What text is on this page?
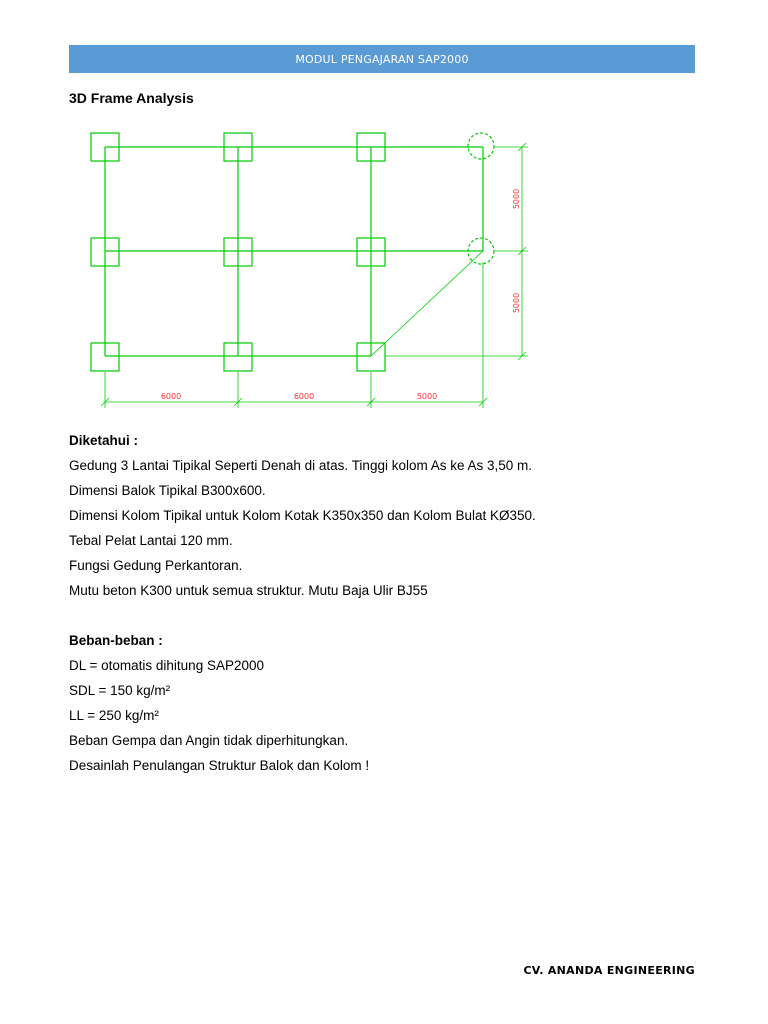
MODUL PENGAJARAN SAP2000
3D Frame Analysis
6000	6000	5000
5000
5000
Diketahui :
Gedung 3 Lantai Tipikal Seperti Denah di atas. Tinggi kolom As ke As 3,50 m.
Dimensi Balok Tipikal B300x600.
Dimensi Kolom Tipikal untuk Kolom Kotak K350x350 dan Kolom Bulat KØ350.
Tebal Pelat Lantai 120 mm.
Fungsi Gedung Perkantoran.
Mutu beton K300 untuk semua struktur. Mutu Baja Ulir BJ55
Beban-beban :
DL = otomatis dihitung SAP2000
SDL = 150 kg/m²
LL = 250 kg/m²
Beban Gempa dan Angin tidak diperhitungkan.
Desainlah Penulangan Struktur Balok dan Kolom !
CV. ANANDA ENGINEERING
